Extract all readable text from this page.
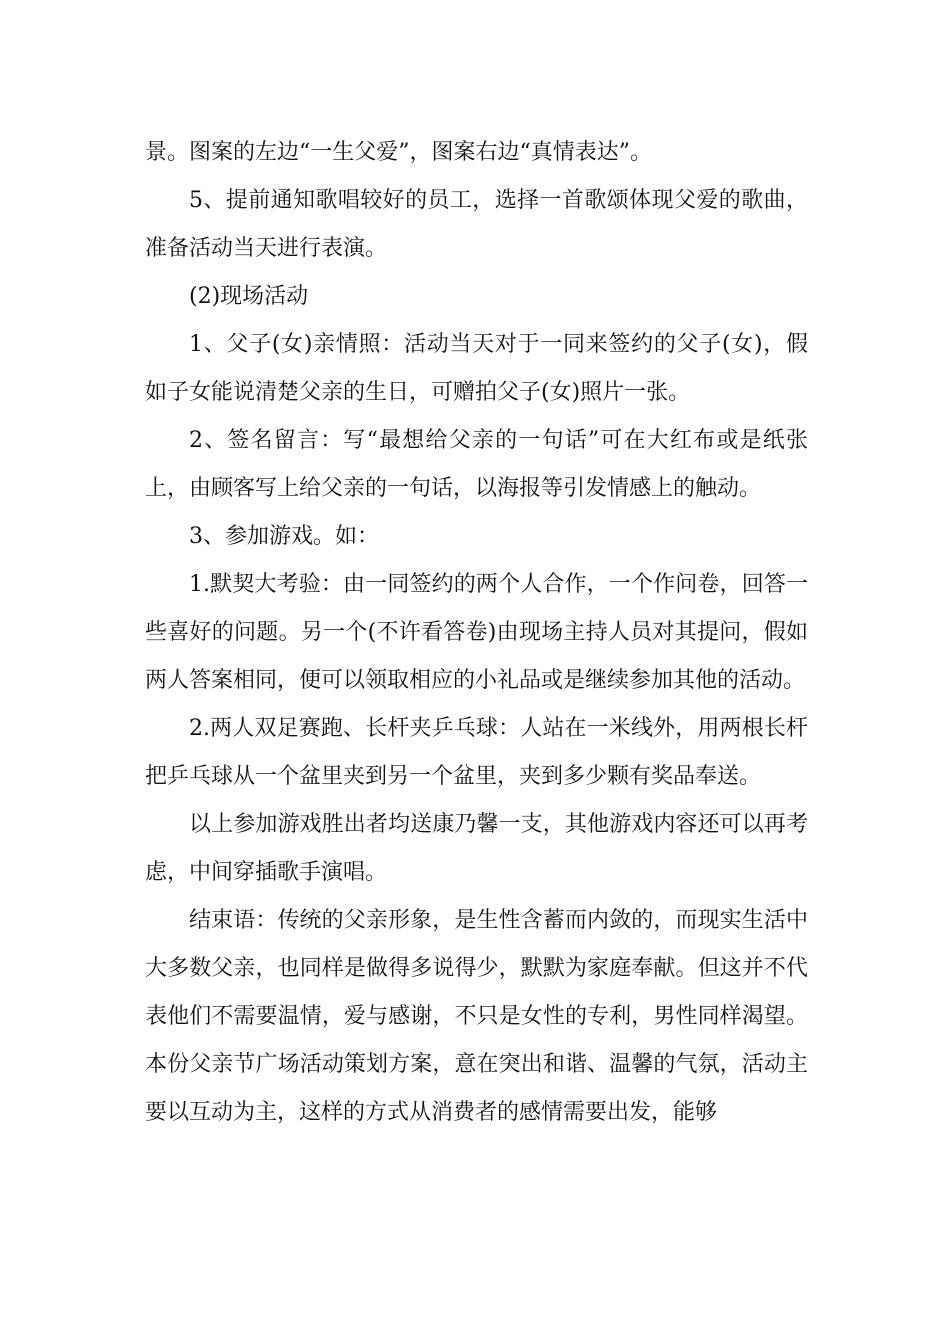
景。图案的左边“一生父爱”，图案右边“真情表达”。

5、提前通知歌唱较好的员工，选择一首歌颂体现父爱的歌曲，准备活动当天进行表演。

(2)现场活动

1、父子(女)亲情照：活动当天对于一同来签约的父子(女)，假如子女能说清楚父亲的生日，可赠拍父子(女)照片一张。

2、签名留言：写“最想给父亲的一句话”可在大红布或是纸张上，由顾客写上给父亲的一句话，以海报等引发情感上的触动。

3、参加游戏。如：

1.默契大考验：由一同签约的两个人合作，一个作问卷，回答一些喜好的问题。另一个(不许看答卷)由现场主持人员对其提问，假如两人答案相同，便可以领取相应的小礼品或是继续参加其他的活动。

2.两人双足赛跑、长杆夹乒乓球：人站在一米线外，用两根长杆把乒乓球从一个盆里夹到另一个盆里，夹到多少颗有奖品奉送。

以上参加游戏胜出者均送康乃馨一支，其他游戏内容还可以再考虑，中间穿插歌手演唱。

结束语：传统的父亲形象，是生性含蓄而内敛的，而现实生活中大多数父亲，也同样是做得多说得少，默默为家庭奉献。但这并不代表他们不需要温情，爱与感谢，不只是女性的专利，男性同样渴望。本份父亲节广场活动策划方案，意在突出和谐、温馨的气氛，活动主要以互动为主，这样的方式从消费者的感情需要出发，能够
